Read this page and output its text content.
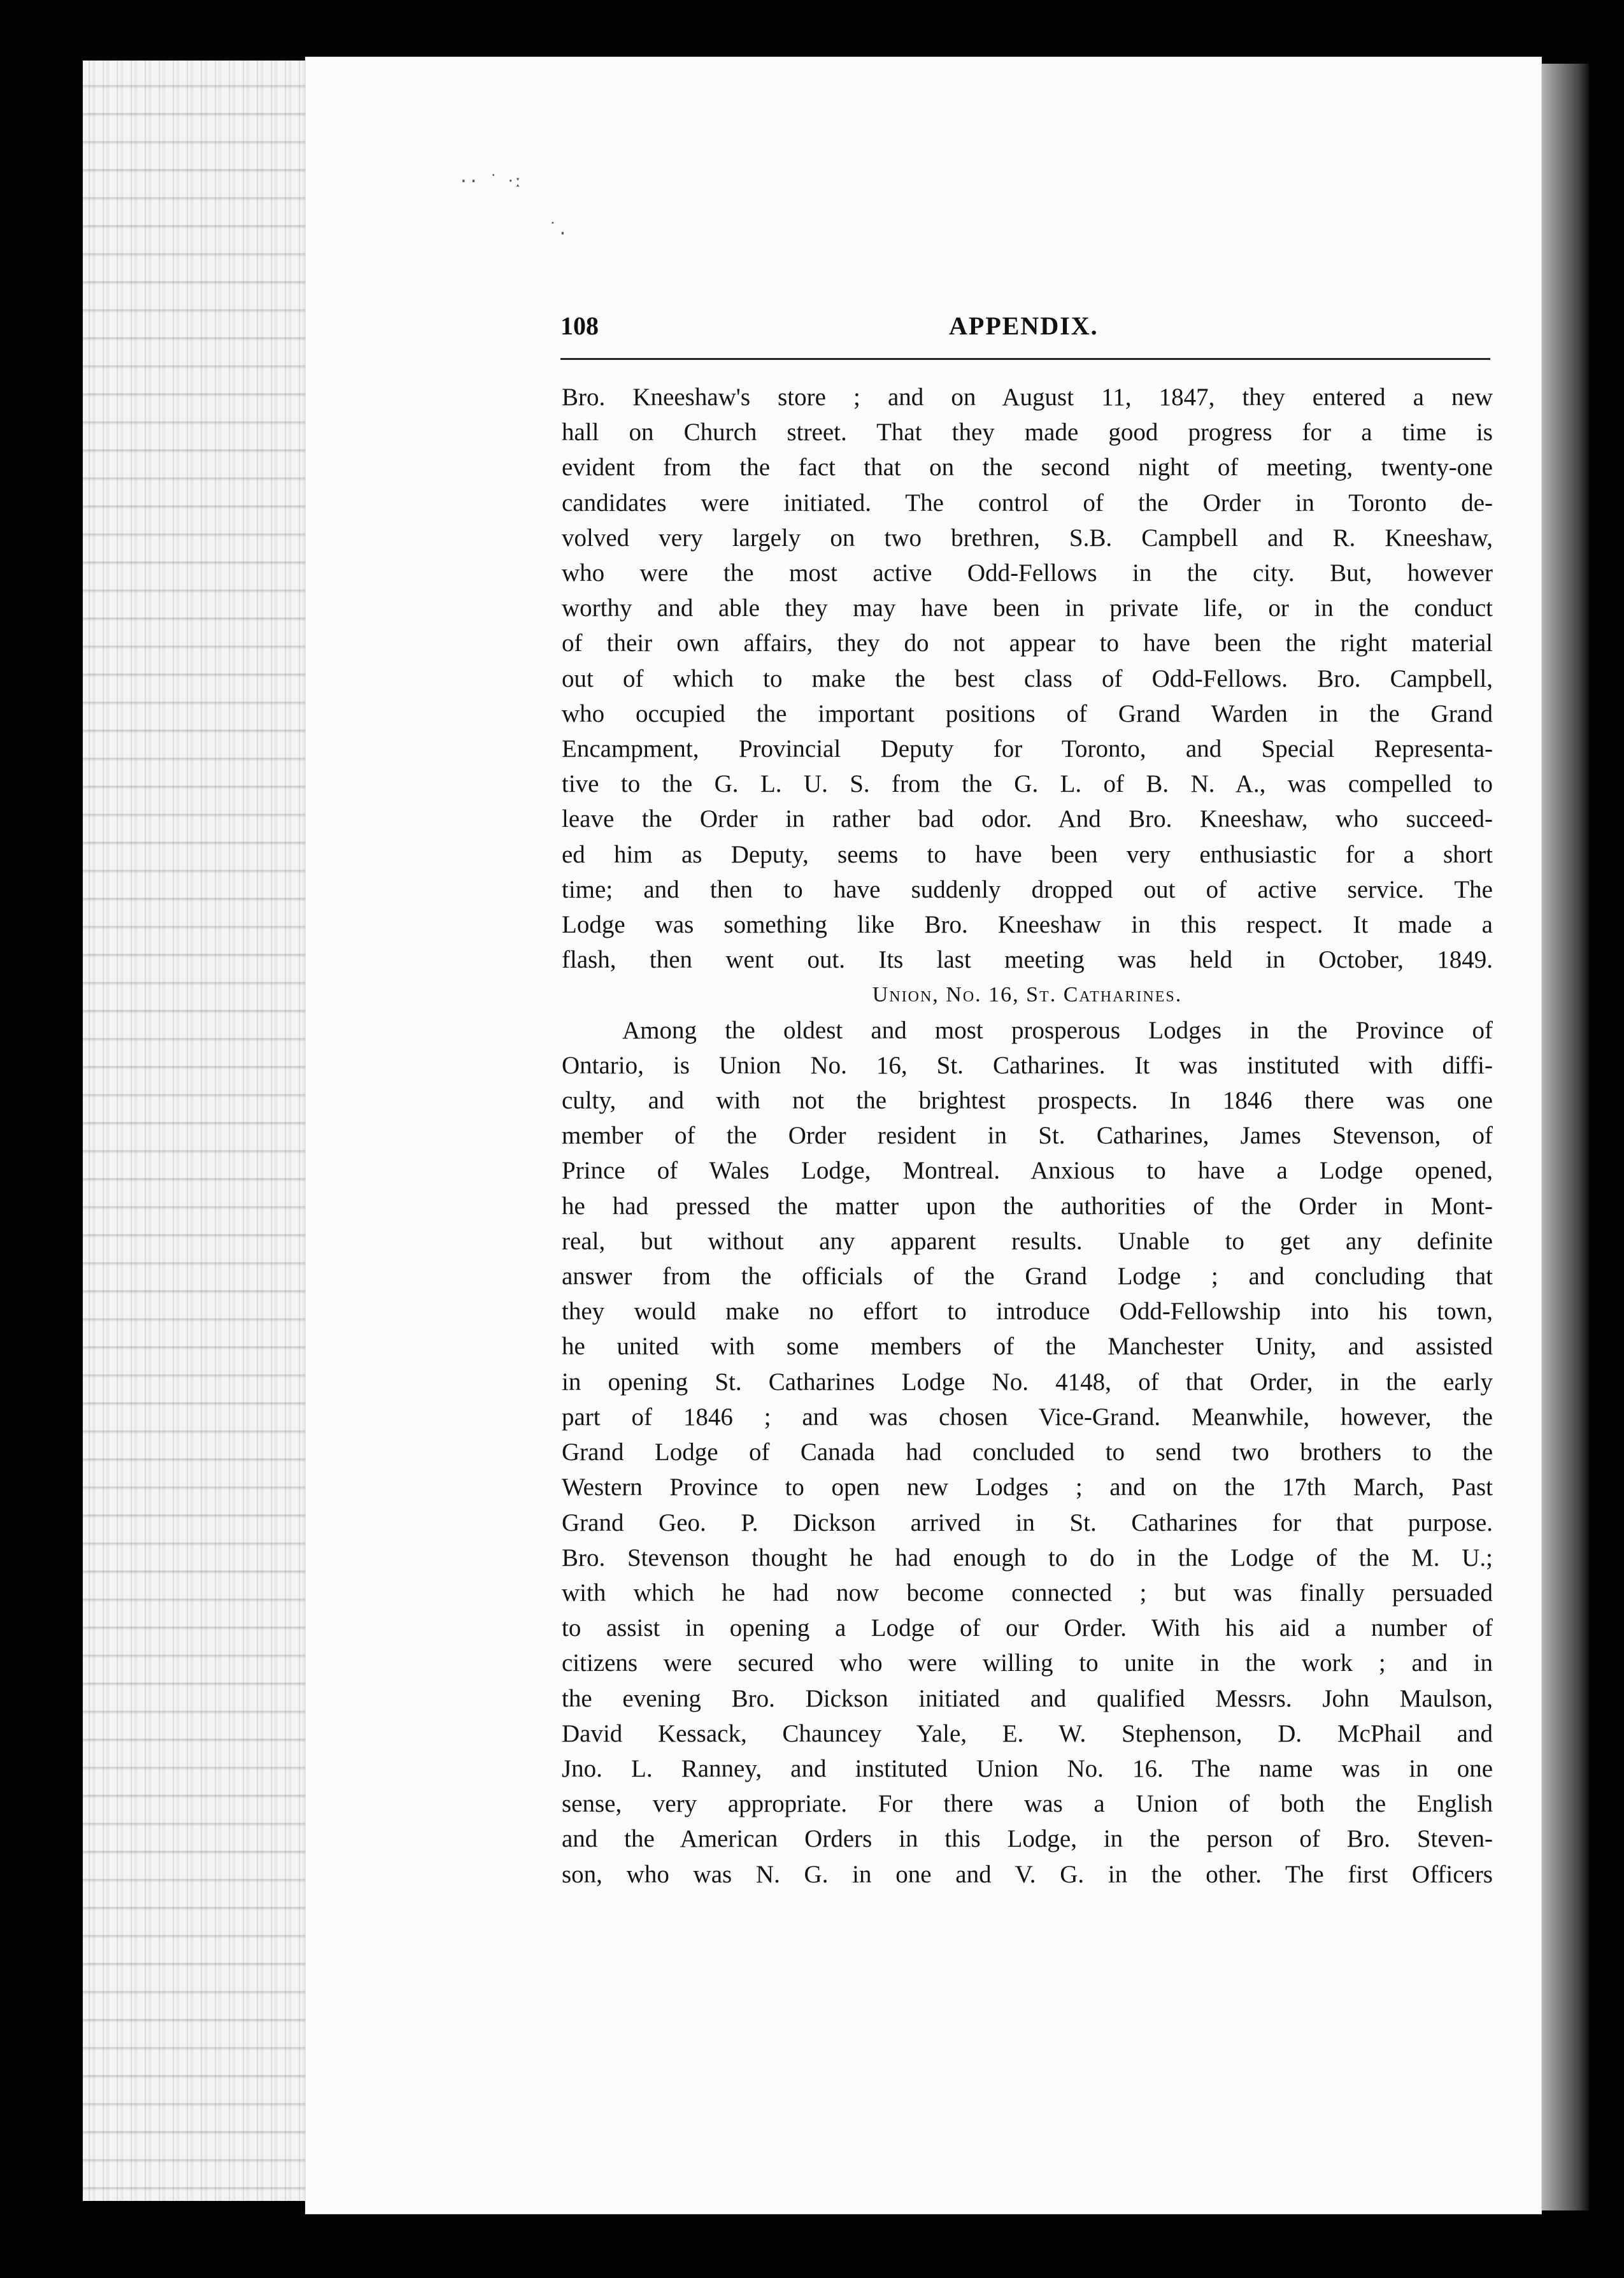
·· ˙ ⸱ː
˙.
108	APPENDIX.
Bro. Kneeshaw's store ; and on August 11, 1847, they entered a new
hall on Church street. That they made good progress for a time is
evident from the fact that on the second night of meeting, twenty-one
candidates were initiated. The control of the Order in Toronto de-
volved very largely on two brethren, S.B. Campbell and R. Kneeshaw,
who were the most active Odd-Fellows in the city. But, however
worthy and able they may have been in private life, or in the conduct
of their own affairs, they do not appear to have been the right material
out of which to make the best class of Odd-Fellows. Bro. Campbell,
who occupied the important positions of Grand Warden in the Grand
Encampment, Provincial Deputy for Toronto, and Special Representa-
tive to the G. L. U. S. from the G. L. of B. N. A., was compelled to
leave the Order in rather bad odor. And Bro. Kneeshaw, who succeed-
ed him as Deputy, seems to have been very enthusiastic for a short
time; and then to have suddenly dropped out of active service. The
Lodge was something like Bro. Kneeshaw in this respect. It made a
flash, then went out. Its last meeting was held in October, 1849.
Union, No. 16, St. Catharines.
Among the oldest and most prosperous Lodges in the Province of
Ontario, is Union No. 16, St. Catharines. It was instituted with diffi-
culty, and with not the brightest prospects. In 1846 there was one
member of the Order resident in St. Catharines, James Stevenson, of
Prince of Wales Lodge, Montreal. Anxious to have a Lodge opened,
he had pressed the matter upon the authorities of the Order in Mont-
real, but without any apparent results. Unable to get any definite
answer from the officials of the Grand Lodge ; and concluding that
they would make no effort to introduce Odd-Fellowship into his town,
he united with some members of the Manchester Unity, and assisted
in opening St. Catharines Lodge No. 4148, of that Order, in the early
part of 1846 ; and was chosen Vice-Grand. Meanwhile, however, the
Grand Lodge of Canada had concluded to send two brothers to the
Western Province to open new Lodges ; and on the 17th March, Past
Grand Geo. P. Dickson arrived in St. Catharines for that purpose.
Bro. Stevenson thought he had enough to do in the Lodge of the M. U.;
with which he had now become connected ; but was finally persuaded
to assist in opening a Lodge of our Order. With his aid a number of
citizens were secured who were willing to unite in the work ; and in
the evening Bro. Dickson initiated and qualified Messrs. John Maulson,
David Kessack, Chauncey Yale, E. W. Stephenson, D. McPhail and
Jno. L. Ranney, and instituted Union No. 16. The name was in one
sense, very appropriate. For there was a Union of both the English
and the American Orders in this Lodge, in the person of Bro. Steven-
son, who was N. G. in one and V. G. in the other. The first Officers
